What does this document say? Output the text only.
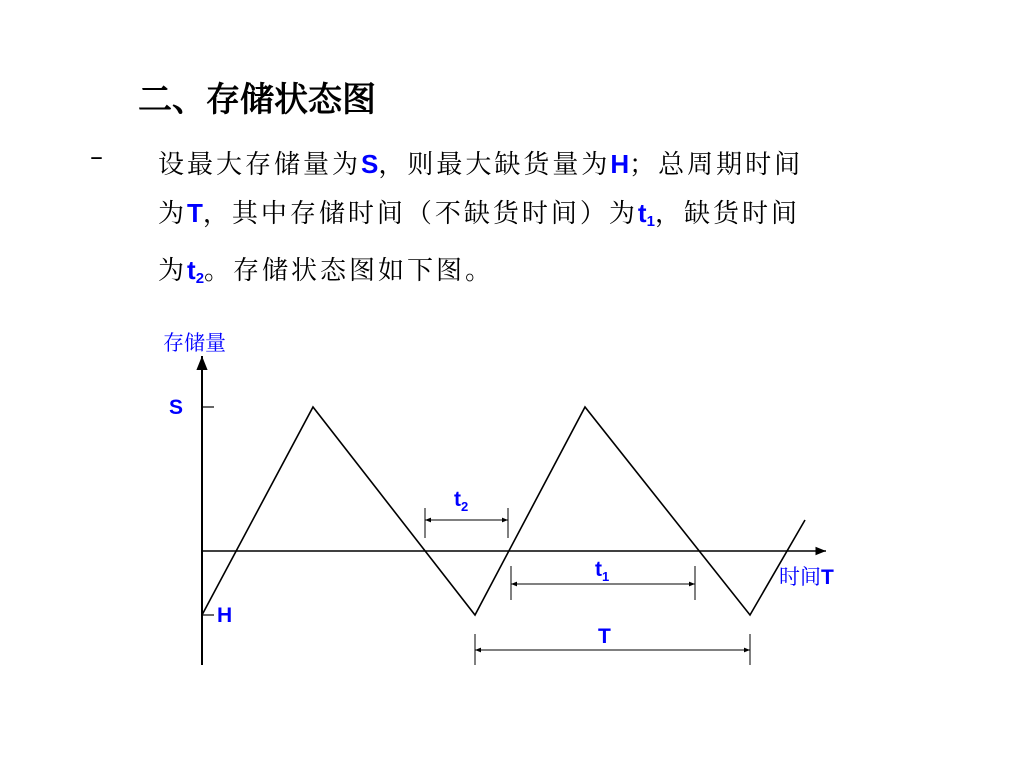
二、存储状态图
– 设最大存储量为S，则最大缺货量为H；总周期时间
为T，其中存储时间（不缺货时间）为$t_1$，缺货时间
为$t_2$。存储状态图如下图。
存储量
时间T
S
H
$t_2$
$t_1$
T
